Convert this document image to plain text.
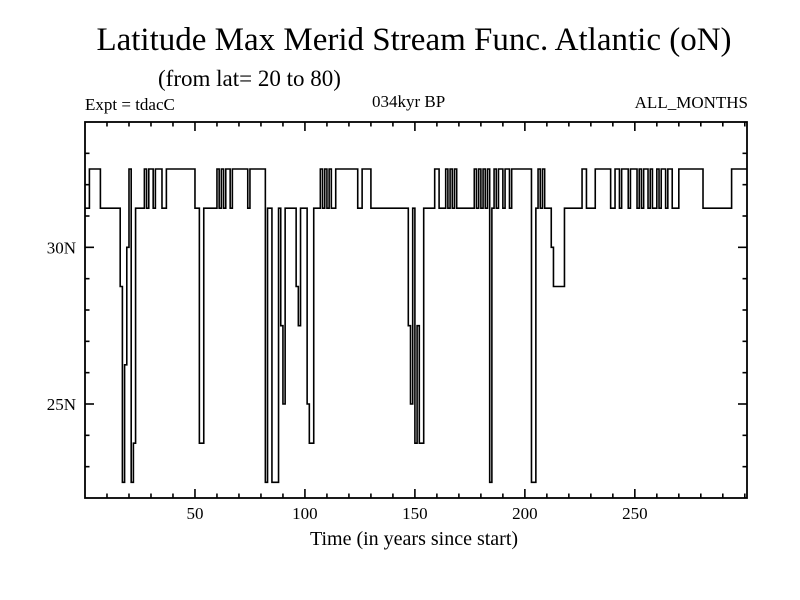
Latitude Max Merid Stream Func. Atlantic (oN)
(from lat= 20 to 80)
Expt = tdacC	034kyr BP	ALL_MONTHS
50	100	150	200	250
25N
30N
Time (in years since start)
